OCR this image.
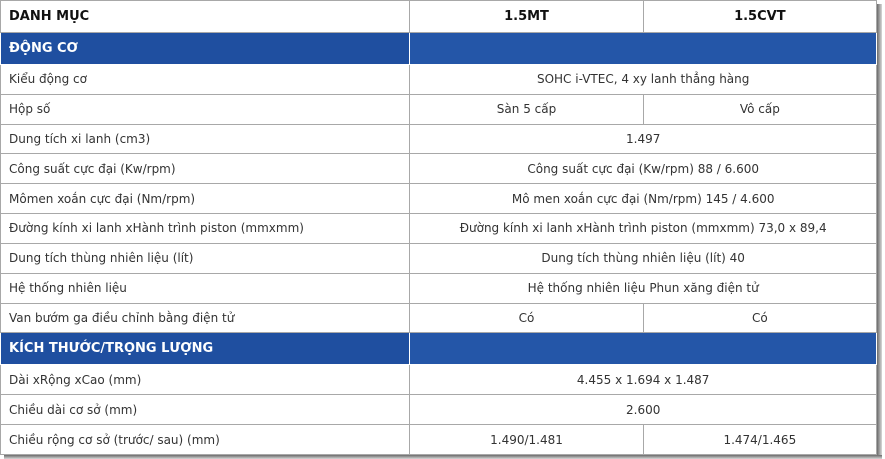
DANH MỤC	1.5MT	1.5CVT
ĐỘNG CƠ		
Kiểu động cơ	SOHC i-VTEC, 4 xy lanh thẳng hàng	
Hộp số	Sàn 5 cấp	Vô cấp
Dung tích xi lanh (cm3)	1.497	
Công suất cực đại (Kw/rpm)	Công suất cực đại (Kw/rpm) 88 / 6.600	
Mômen xoắn cực đại (Nm/rpm)	Mô men xoắn cực đại (Nm/rpm) 145 / 4.600	
Đường kính xi lanh xHành trình piston (mmxmm)	Đường kính xi lanh xHành trình piston (mmxmm) 73,0 x 89,4	
Dung tích thùng nhiên liệu (lít)	Dung tích thùng nhiên liệu (lít) 40	
Hệ thống nhiên liệu	Hệ thống nhiên liệu Phun xăng điện tử	
Van bướm ga điều chỉnh bằng điện tử	Có	Có
KÍCH THƯỚC/TRỌNG LƯỢNG		
Dài xRộng xCao (mm)	4.455 x 1.694 x 1.487	
Chiều dài cơ sở (mm)	2.600	
Chiều rộng cơ sở (trước/ sau) (mm)	1.490/1.481	1.474/1.465
